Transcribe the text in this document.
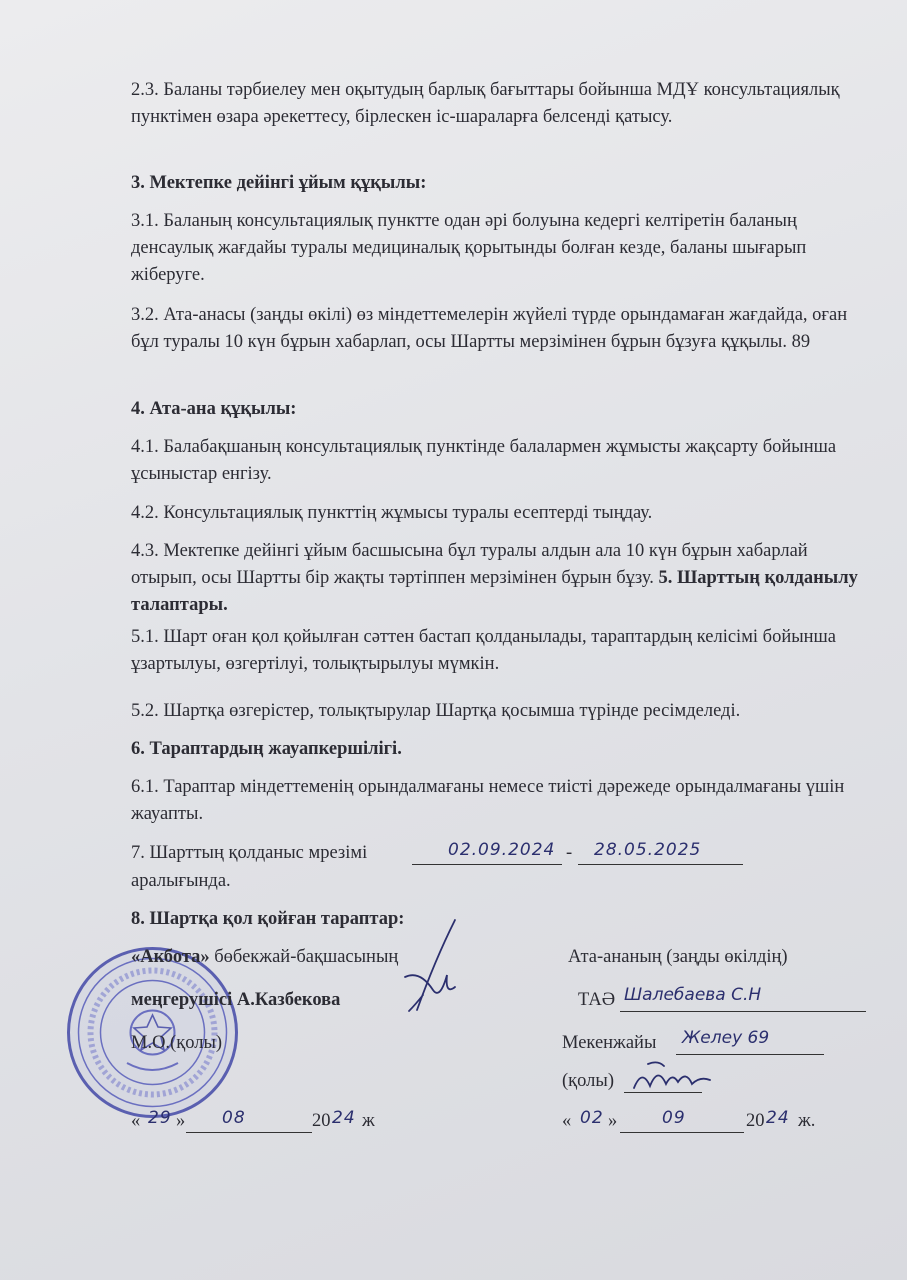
2.3. Баланы тәрбиелеу мен оқытудың барлық бағыттары бойынша МДҰ консультациялық пунктімен өзара әрекеттесу, бірлескен іс-шараларға белсенді қатысу.

3. Мектепке дейінгі ұйым құқылы:

3.1. Баланың консультациялық пунктте одан әрі болуына кедергі келтіретін баланың денсаулық жағдайы туралы медициналық қорытынды болған кезде, баланы шығарып жіберуге.

3.2. Ата-анасы (заңды өкілі) өз міндеттемелерін жүйелі түрде орындамаған жағдайда, оған бұл туралы 10 күн бұрын хабарлап, осы Шартты мерзімінен бұрын бұзуға құқылы. 89

4. Ата-ана құқылы:

4.1. Балабақшаның консультациялық пунктінде балалармен жұмысты жақсарту бойынша ұсыныстар енгізу.

4.2. Консультациялық пункттің жұмысы туралы есептерді тыңдау.

4.3. Мектепке дейінгі ұйым басшысына бұл туралы алдын ала 10 күн бұрын хабарлай отырып, осы Шартты бір жақты тәртіппен мерзімінен бұрын бұзу. 5. Шарттың қолданылу талаптары.

5.1. Шарт оған қол қойылған сәттен бастап қолданылады, тараптардың келісімі бойынша ұзартылуы, өзгертілуі, толықтырылуы мүмкін.

5.2. Шартқа өзгерістер, толықтырулар Шартқа қосымша түрінде ресімделеді.

6. Тараптардың жауапкершілігі.

6.1. Тараптар міндеттеменің орындалмағаны немесе тиісті дәрежеде орындалмағаны үшін жауапты.

7. Шарттың қолданыс мрезімі	02.09.2024 - 28.05.2025
аралығында.
8. Шартқа қол қойған тараптар:
«Акбота» бөбекжай-бақшасының
меңгерушісі А.Казбекова
М.О.(қолы)
« 29 » 08	20 24 ж
Ата-ананың (заңды өкілдің)
ТАӘ Шалебаева С.Н
Мекенжайы Желеу 69
(қолы)
« 02 »	09	20 24 ж.
